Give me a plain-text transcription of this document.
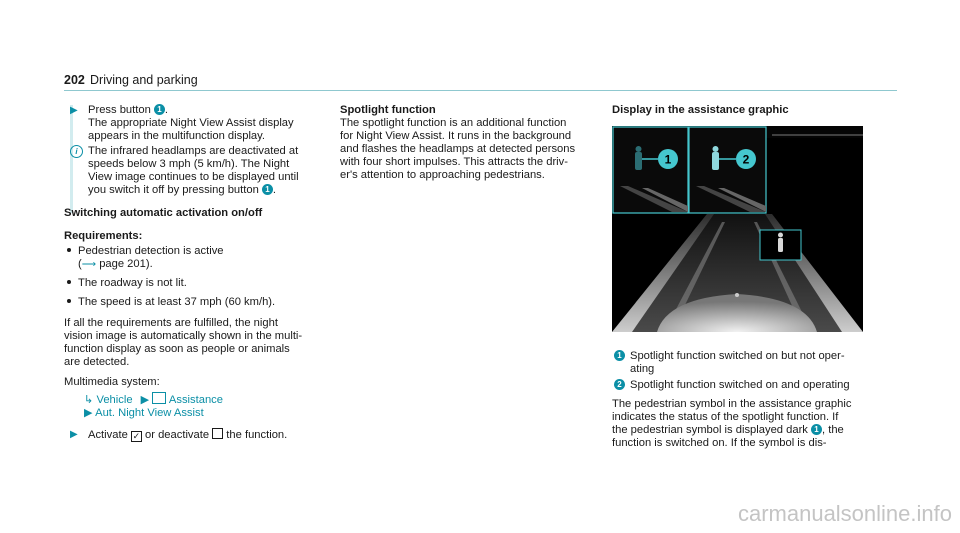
202 Driving and parking
▶ Press button 1 .
The appropriate Night View Assist display
appears in the multifunction display.
i The infrared headlamps are deactivated at
speeds below 3 mph (5 km/h). The Night
View image continues to be displayed until
you switch it off by pressing button 1 .
Switching automatic activation on/off
Requirements:
Pedestrian detection is active
(⟶ page 201).
The roadway is not lit.
The speed is at least 37 mph (60 km/h).
If all the requirements are fulfilled, the night
vision image is automatically shown in the multi-
function display as soon as people or animals
are detected.
Multimedia system:
↳ Vehicle ▶ Assistance
▶ Aut. Night View Assist
▶ Activate ✓ or deactivate the function.
Spotlight function
The spotlight function is an additional function
for Night View Assist. It runs in the background
and flashes the headlamps at detected persons
with four short impulses. This attracts the driv-
er's attention to approaching pedestrians.
Display in the assistance graphic
1	2
1 Spotlight function switched on but not oper-
ating
2 Spotlight function switched on and operating
The pedestrian symbol in the assistance graphic
indicates the status of the spotlight function. If
the pedestrian symbol is displayed dark 1 , the
function is switched on. If the symbol is dis-
carmanualsonline.info
